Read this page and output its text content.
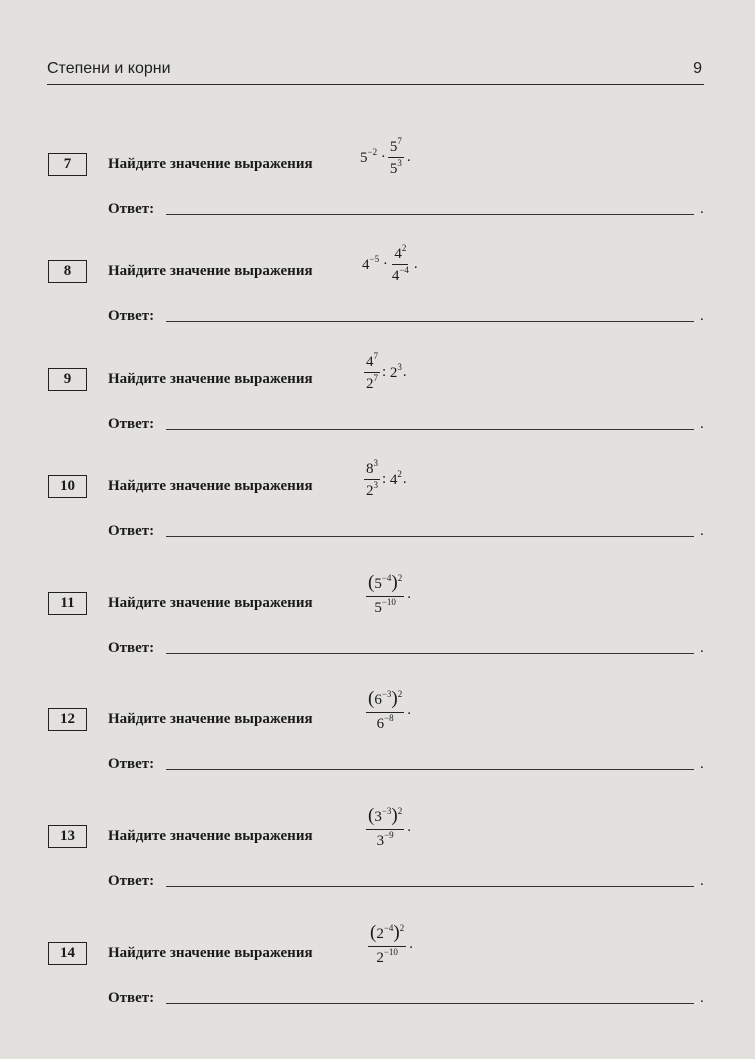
Степени и корни	9
7	Найдите значение выражения	$5^{-2} \cdot \frac{5^7}{5^3}$ .
Ответ:	.
8	Найдите значение выражения	$4^{-5} \cdot \frac{4^2}{4^{-4}}$ .
Ответ:	.
9	Найдите значение выражения	$\frac{4^7}{2^7}$ : $2^3$ .
Ответ:	.
10	Найдите значение выражения	$\frac{8^3}{2^3}$ : $4^2$ .
Ответ:	.
11	Найдите значение выражения	$\frac{(5^{-4})^2}{5^{-10}}$ .
Ответ:	.
12	Найдите значение выражения	$\frac{(6^{-3})^2}{6^{-8}}$ .
Ответ:	.
13	Найдите значение выражения	$\frac{(3^{-3})^2}{3^{-9}}$ .
Ответ:	.
14	Найдите значение выражения	$\frac{(2^{-4})^2}{2^{-10}}$ .
Ответ:	.
